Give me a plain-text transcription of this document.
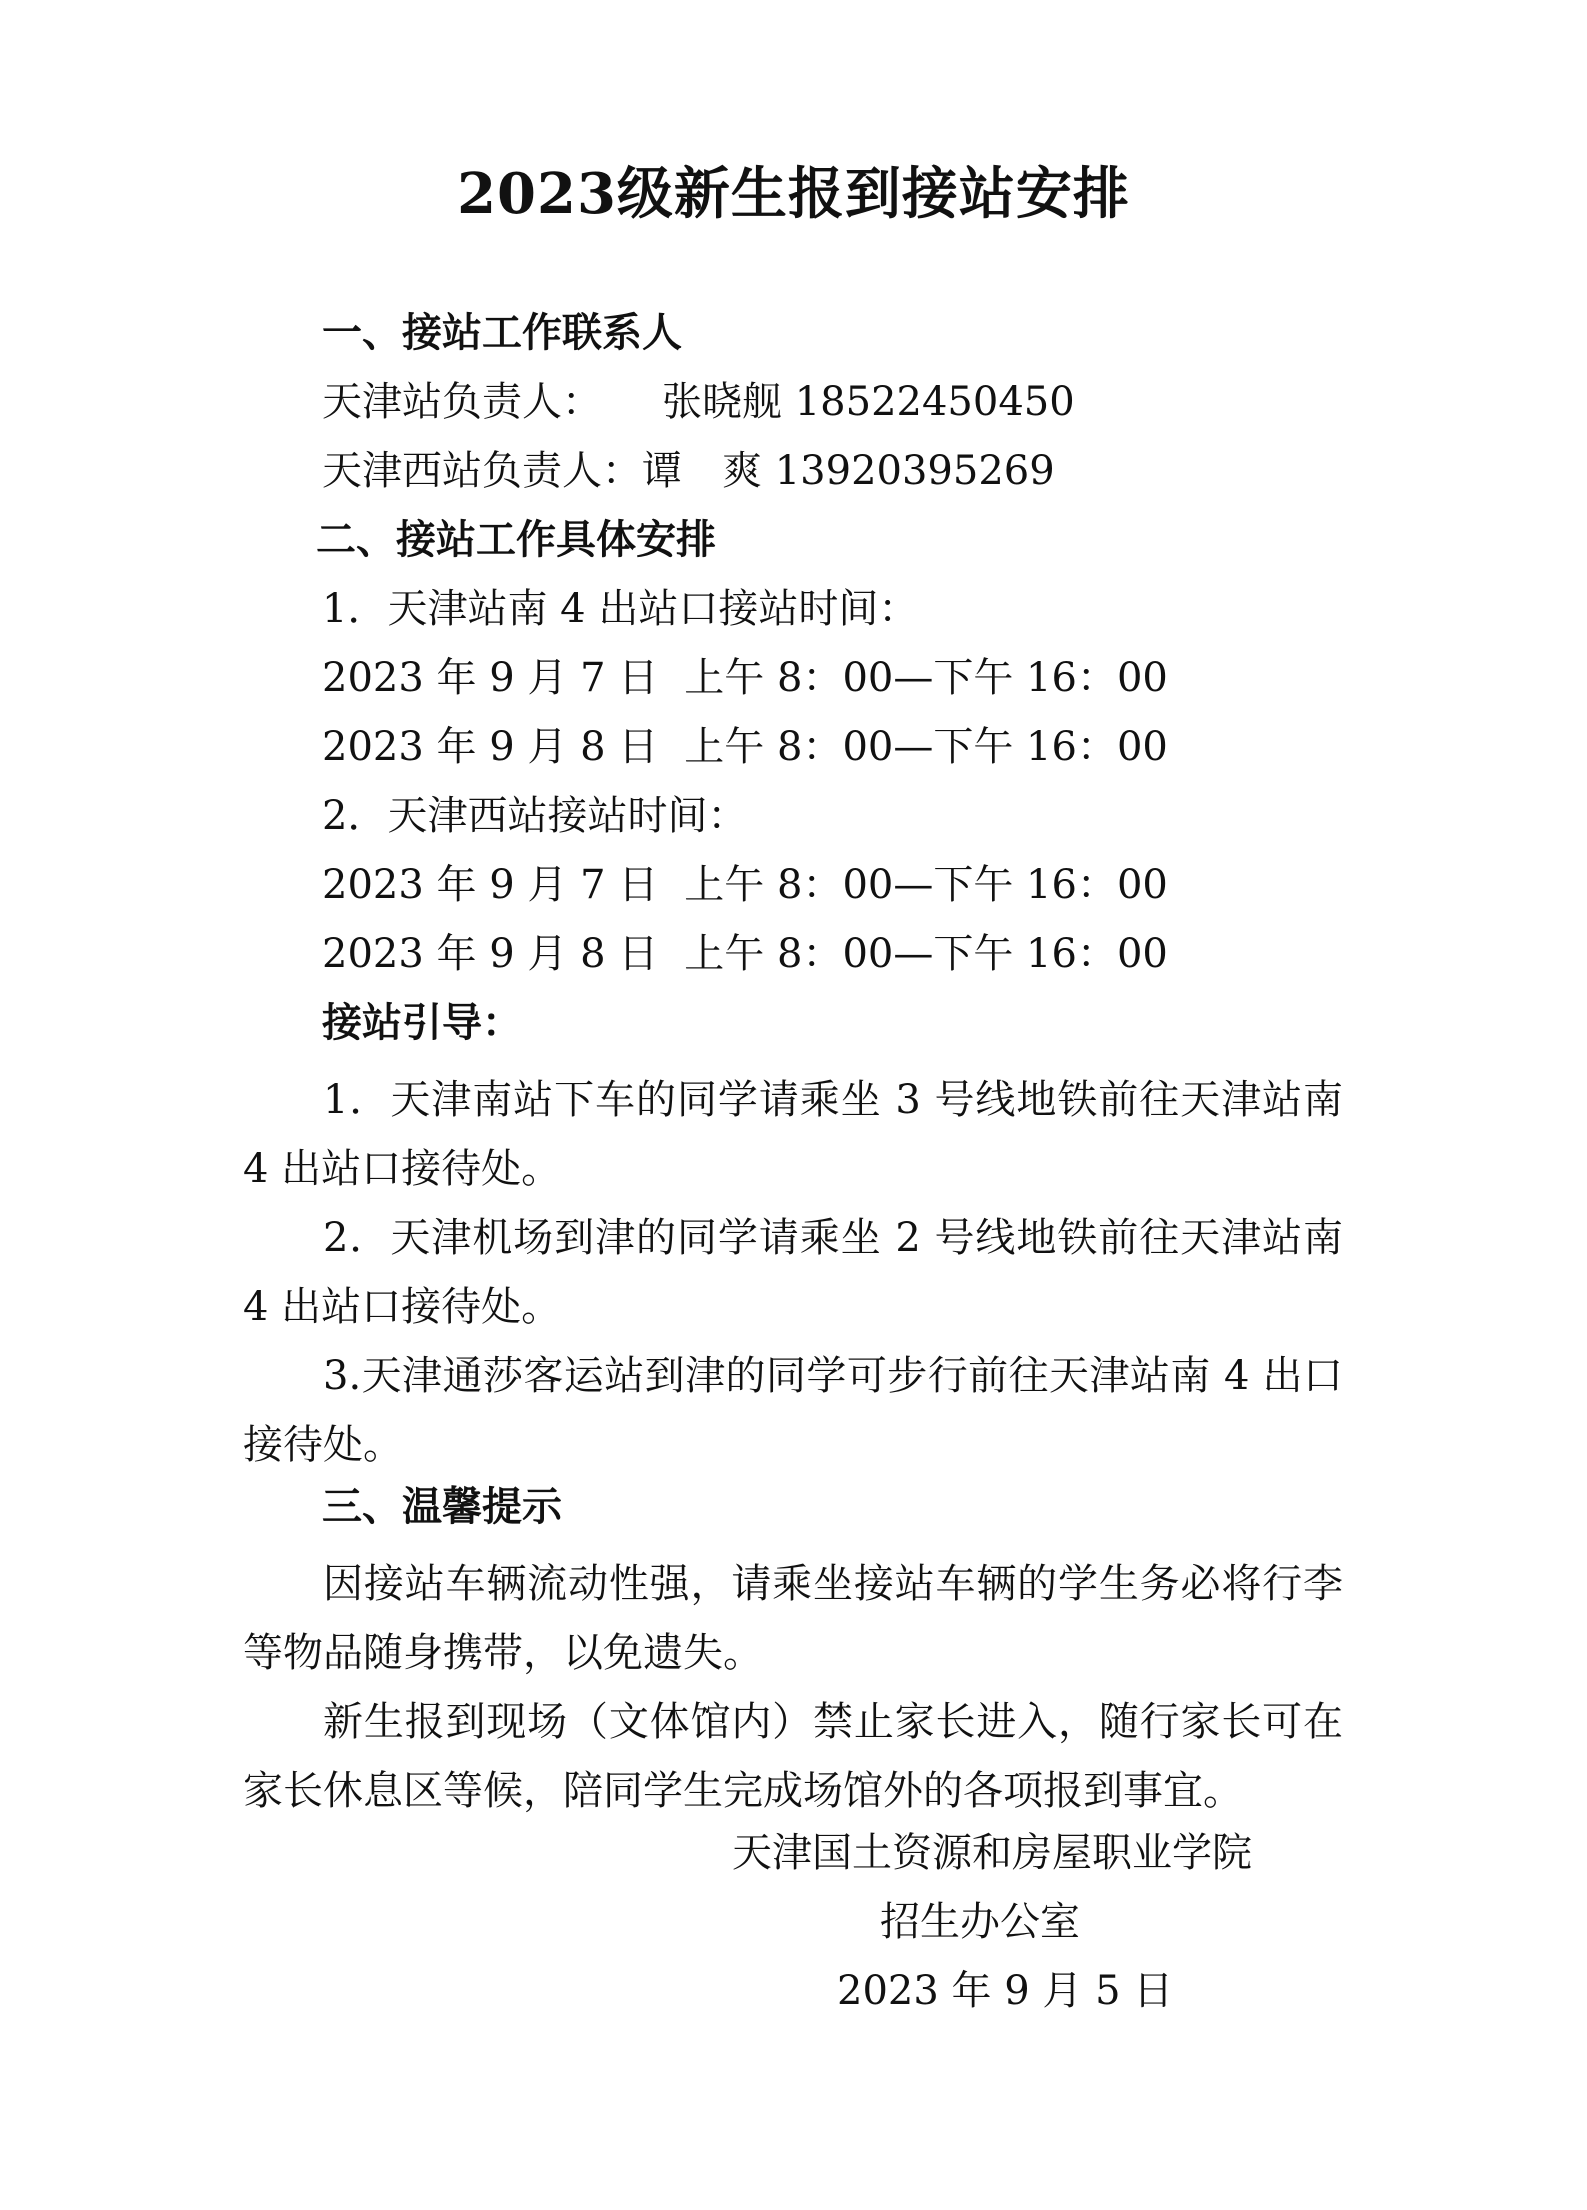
2023级新生报到接站安排
一、接站工作联系人
天津站负责人： 张晓舰 18522450450
天津西站负责人：谭　爽 13920395269
二、接站工作具体安排
1．天津站南 4 出站口接站时间：
2023 年 9 月 7 日 上午 8：00—下午 16：00
2023 年 9 月 8 日 上午 8：00—下午 16：00
2．天津西站接站时间：
2023 年 9 月 7 日 上午 8：00—下午 16：00
2023 年 9 月 8 日 上午 8：00—下午 16：00
接站引导：
1．天津南站下车的同学请乘坐 3 号线地铁前往天津站南 4 出站口接待处。
2．天津机场到津的同学请乘坐 2 号线地铁前往天津站南 4 出站口接待处。
3.天津通莎客运站到津的同学可步行前往天津站南 4 出口接待处。
三、温馨提示
因接站车辆流动性强，请乘坐接站车辆的学生务必将行李等物品随身携带，以免遗失。
新生报到现场（文体馆内）禁止家长进入，随行家长可在家长休息区等候，陪同学生完成场馆外的各项报到事宜。
天津国土资源和房屋职业学院
招生办公室
2023 年 9 月 5 日
